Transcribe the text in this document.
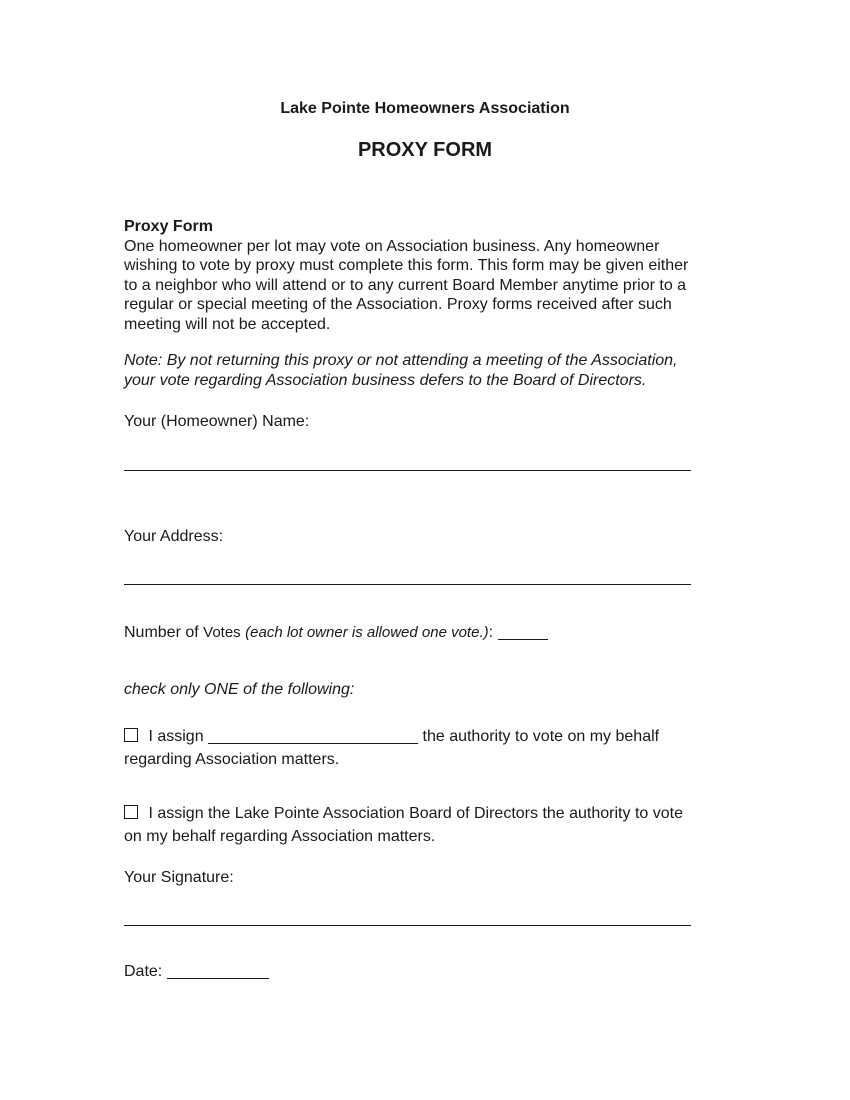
Lake Pointe Homeowners Association
PROXY FORM

Proxy Form
One homeowner per lot may vote on Association business. Any homeowner wishing to vote by proxy must complete this form. This form may be given either to a neighbor who will attend or to any current Board Member anytime prior to a regular or special meeting of the Association. Proxy forms received after such meeting will not be accepted.

Note: By not returning this proxy or not attending a meeting of the Association, your vote regarding Association business defers to the Board of Directors.

Your (Homeowner) Name:
Your Address:
Number of Votes (each lot owner is allowed one vote.):
check only ONE of the following:

I assign	the authority to vote on my behalf regarding Association matters.

I assign the Lake Pointe Association Board of Directors the authority to vote on my behalf regarding Association matters.

Your Signature:
Date:
